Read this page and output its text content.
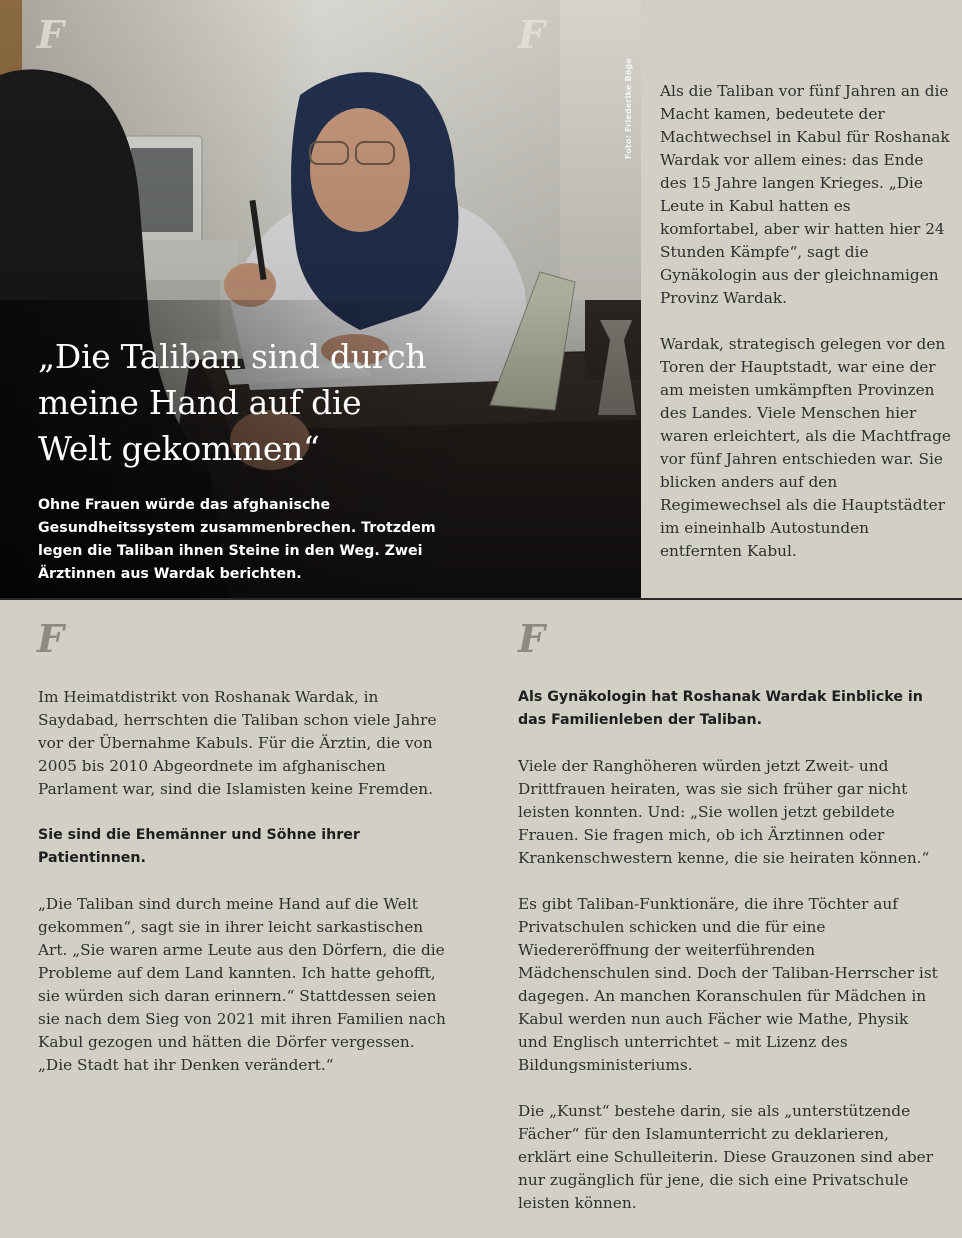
F	F
Foto: Friederike Böge
„Die Taliban sind durch meine Hand auf die Welt gekommen“

Ohne Frauen würde das afghanische Gesundheitssystem zusammenbrechen. Trotzdem legen die Taliban ihnen Steine in den Weg. Zwei Ärztinnen aus Wardak berichten.

Als die Taliban vor fünf Jahren an die Macht kamen, bedeutete der Machtwechsel in Kabul für Roshanak Wardak vor allem eines: das Ende des 15 Jahre langen Krieges. „Die Leute in Kabul hatten es komfortabel, aber wir hatten hier 24 Stunden Kämpfe“, sagt die Gynäkologin aus der gleichnamigen Provinz Wardak.

Wardak, strategisch gelegen vor den Toren der Hauptstadt, war eine der am meisten umkämpften Provinzen des Landes. Viele Menschen hier waren erleichtert, als die Machtfrage vor fünf Jahren entschieden war. Sie blicken anders auf den Regimewechsel als die Hauptstädter im eineinhalb Autostunden entfernten Kabul.

F

Im Heimatdistrikt von Roshanak Wardak, in Saydabad, herrschten die Taliban schon viele Jahre vor der Übernahme Kabuls. Für die Ärztin, die von 2005 bis 2010 Abgeordnete im afghanischen Parlament war, sind die Islamisten keine Fremden.

Sie sind die Ehemänner und Söhne ihrer Patientinnen.

„Die Taliban sind durch meine Hand auf die Welt gekommen“, sagt sie in ihrer leicht sarkastischen Art. „Sie waren arme Leute aus den Dörfern, die die Probleme auf dem Land kannten. Ich hatte gehofft, sie würden sich daran erinnern.“ Stattdessen seien sie nach dem Sieg von 2021 mit ihren Familien nach Kabul gezogen und hätten die Dörfer vergessen. „Die Stadt hat ihr Denken verändert.“

F

Als Gynäkologin hat Roshanak Wardak Einblicke in das Familienleben der Taliban.

Viele der Ranghöheren würden jetzt Zweit- und Drittfrauen heiraten, was sie sich früher gar nicht leisten konnten. Und: „Sie wollen jetzt gebildete Frauen. Sie fragen mich, ob ich Ärztinnen oder Krankenschwestern kenne, die sie heiraten können.“

Es gibt Taliban-Funktionäre, die ihre Töchter auf Privatschulen schicken und die für eine Wiedereröffnung der weiterführenden Mädchenschulen sind. Doch der Taliban-Herrscher ist dagegen. An manchen Koranschulen für Mädchen in Kabul werden nun auch Fächer wie Mathe, Physik und Englisch unterrichtet – mit Lizenz des Bildungsministeriums.

Die „Kunst“ bestehe darin, sie als „unterstützende Fächer“ für den Islamunterricht zu deklarieren, erklärt eine Schulleiterin. Diese Grauzonen sind aber nur zugänglich für jene, die sich eine Privatschule leisten können.
